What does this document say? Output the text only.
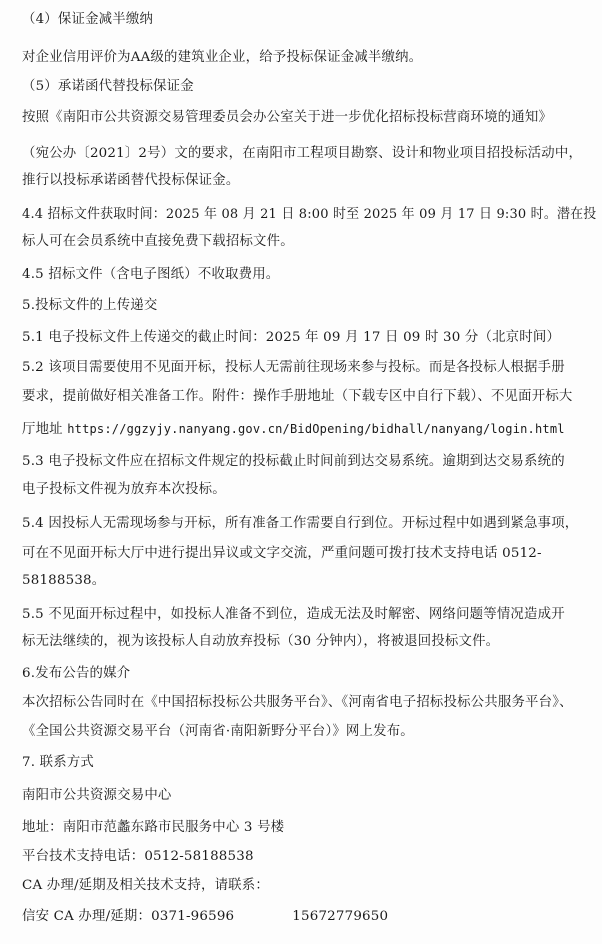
（4）保证金减半缴纳
对企业信用评价为AA级的建筑业企业，给予投标保证金减半缴纳。
（5）承诺函代替投标保证金
按照《南阳市公共资源交易管理委员会办公室关于进一步优化招标投标营商环境的通知》
（宛公办〔2021〕2号）文的要求，在南阳市工程项目勘察、设计和物业项目招投标活动中，
推行以投标承诺函替代投标保证金。
4.4 招标文件获取时间：2025 年 08 月 21 日 8:00 时至 2025 年 09 月 17 日 9:30 时。潜在投
标人可在会员系统中直接免费下载招标文件。
4.5 招标文件（含电子图纸）不收取费用。
5.投标文件的上传递交
5.1 电子投标文件上传递交的截止时间：2025 年 09 月 17 日 09 时 30 分（北京时间）
5.2 该项目需要使用不见面开标，投标人无需前往现场来参与投标。而是各投标人根据手册
要求，提前做好相关准备工作。附件：操作手册地址（下载专区中自行下载）、不见面开标大
厅地址 https://ggzyjy.nanyang.gov.cn/BidOpening/bidhall/nanyang/login.html
5.3 电子投标文件应在招标文件规定的投标截止时间前到达交易系统。逾期到达交易系统的
电子投标文件视为放弃本次投标。
5.4 因投标人无需现场参与开标，所有准备工作需要自行到位。开标过程中如遇到紧急事项，
可在不见面开标大厅中进行提出异议或文字交流，严重问题可拨打技术支持电话 0512-
58188538。
5.5 不见面开标过程中，如投标人准备不到位，造成无法及时解密、网络问题等情况造成开
标无法继续的，视为该投标人自动放弃投标（30 分钟内），将被退回投标文件。
6.发布公告的媒介
本次招标公告同时在《中国招标投标公共服务平台》、《河南省电子招标投标公共服务平台》、
《全国公共资源交易平台（河南省·南阳新野分平台）》网上发布。
7. 联系方式
南阳市公共资源交易中心
地址：南阳市范蠡东路市民服务中心 3 号楼
平台技术支持电话：0512-58188538
CA 办理/延期及相关技术支持，请联系：
信安 CA 办理/延期：0371-96596	15672779650
